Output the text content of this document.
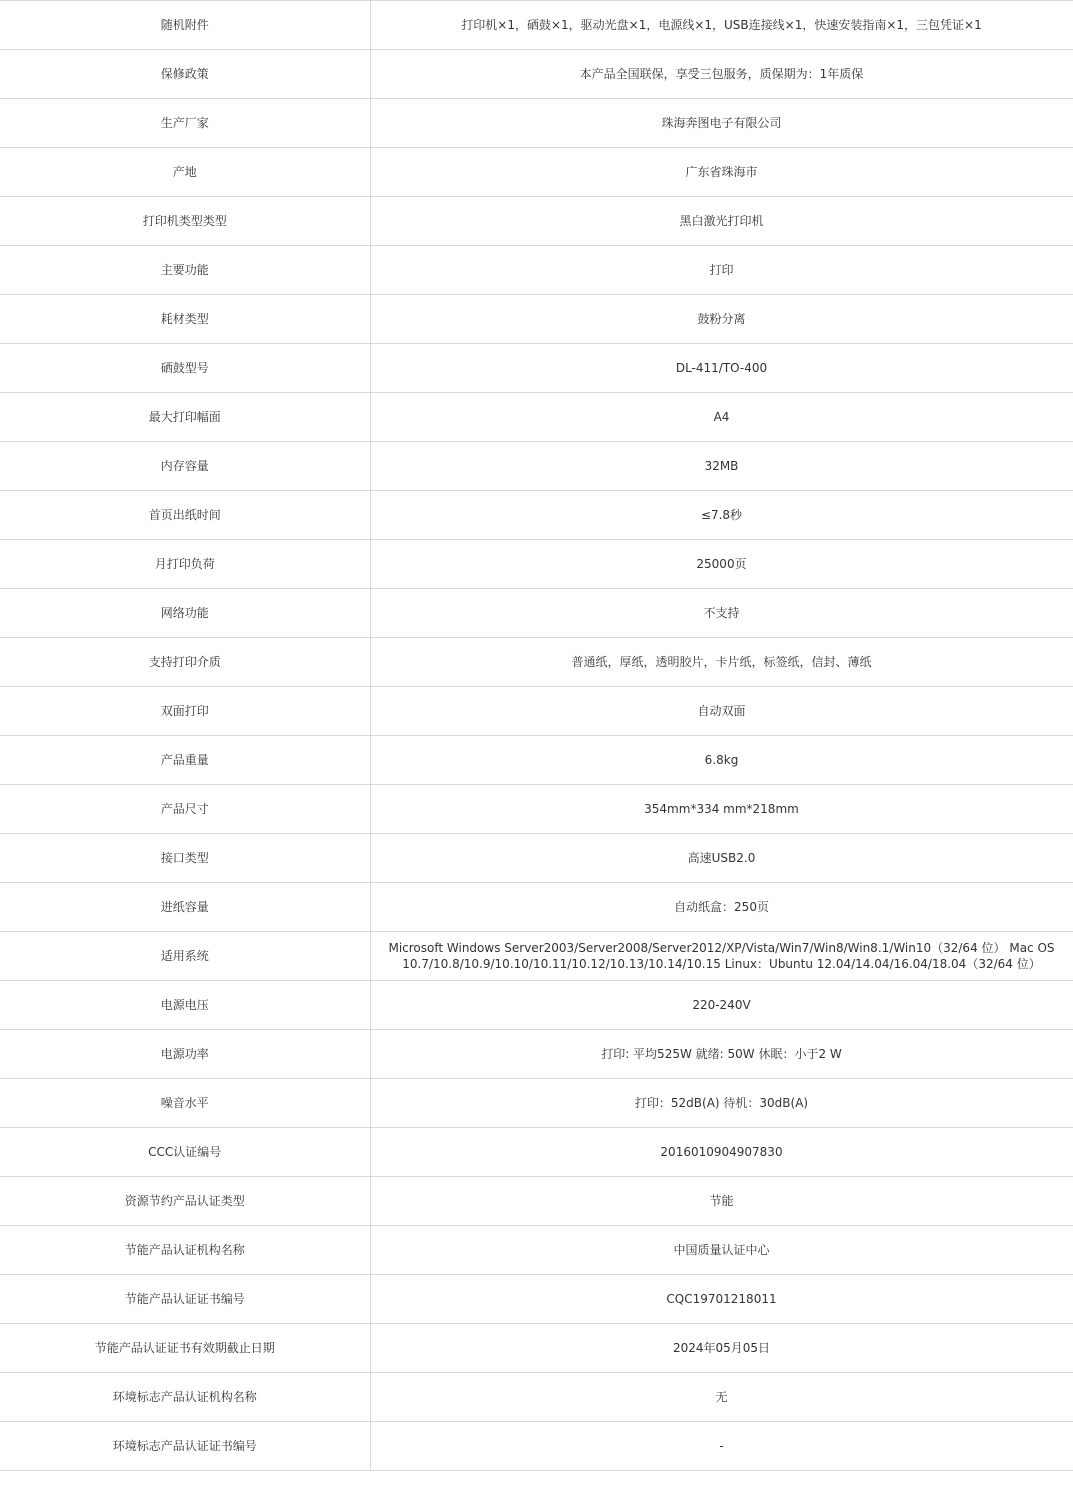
随机附件	打印机×1，硒鼓×1，驱动光盘×1，电源线×1，USB连接线×1，快速安装指南×1，三包凭证×1
保修政策	本产品全国联保，享受三包服务，质保期为：1年质保
生产厂家	珠海奔图电子有限公司
产地	广东省珠海市
打印机类型类型	黑白激光打印机
主要功能	打印
耗材类型	鼓粉分离
硒鼓型号	DL-411/TO-400
最大打印幅面	A4
内存容量	32MB
首页出纸时间	≤7.8秒
月打印负荷	25000页
网络功能	不支持
支持打印介质	普通纸，厚纸，透明胶片，卡片纸，标签纸，信封、薄纸
双面打印	自动双面
产品重量	6.8kg
产品尺寸	354mm*334 mm*218mm
接口类型	高速USB2.0
进纸容量	自动纸盒：250页
适用系统	Microsoft Windows Server2003/Server2008/Server2012/XP/Vista/Win7/Win8/Win8.1/Win10（32/64 位） Mac OS 10.7/10.8/10.9/10.10/10.11/10.12/10.13/10.14/10.15 Linux：Ubuntu 12.04/14.04/16.04/18.04（32/64 位）
电源电压	220-240V
电源功率	打印: 平均525W 就绪: 50W 休眠：小于2 W
噪音水平	打印：52dB(A) 待机：30dB(A)
CCC认证编号	2016010904907830
资源节约产品认证类型	节能
节能产品认证机构名称	中国质量认证中心
节能产品认证证书编号	CQC19701218011
节能产品认证证书有效期截止日期	2024年05月05日
环境标志产品认证机构名称	无
环境标志产品认证证书编号	-
